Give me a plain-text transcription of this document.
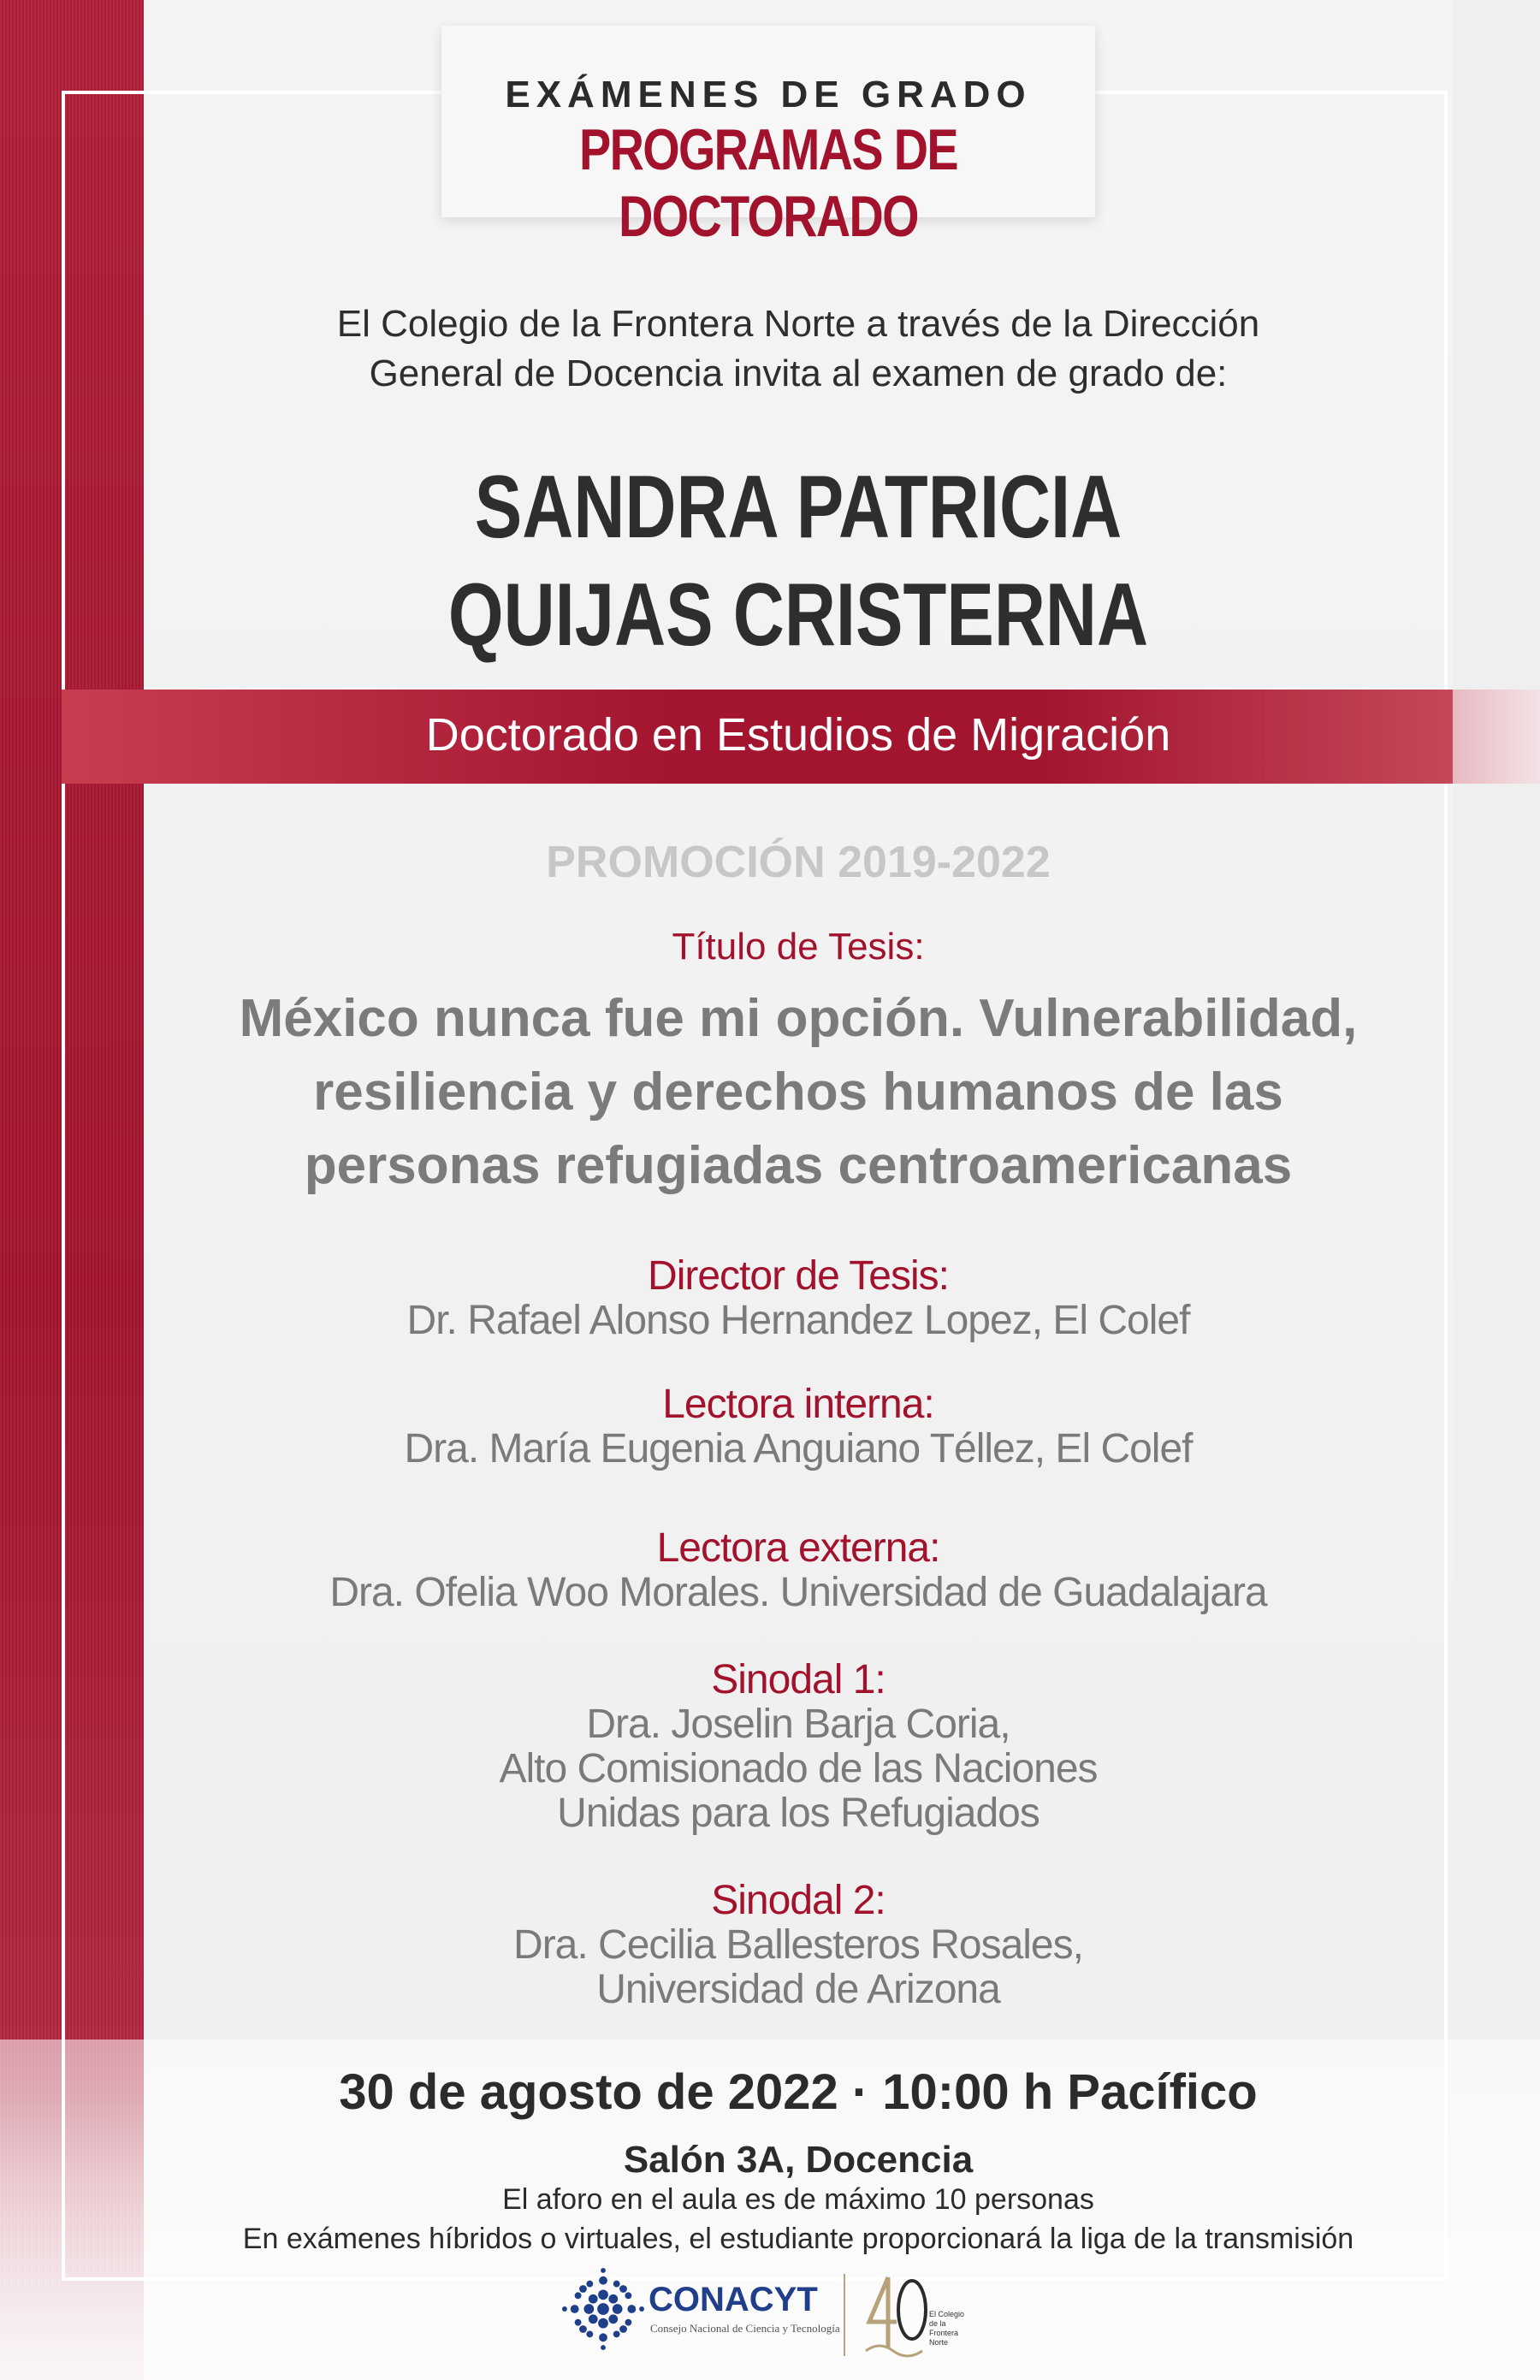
EXÁMENES DE GRADO
PROGRAMAS DE DOCTORADO
El Colegio de la Frontera Norte a través de la Dirección
General de Docencia invita al examen de grado de:
SANDRA PATRICIA
QUIJAS CRISTERNA
Doctorado en Estudios de Migración
PROMOCIÓN 2019-2022
Título de Tesis:
México nunca fue mi opción. Vulnerabilidad,
resiliencia y derechos humanos de las
personas refugiadas centroamericanas
Director de Tesis:
Dr. Rafael Alonso Hernandez Lopez, El Colef
Lectora interna:
Dra. María Eugenia Anguiano Téllez, El Colef
Lectora externa:
Dra. Ofelia Woo Morales. Universidad de Guadalajara
Sinodal 1:
Dra. Joselin Barja Coria,
Alto Comisionado de las Naciones
Unidas para los Refugiados
Sinodal 2:
Dra. Cecilia Ballesteros Rosales,
Universidad de Arizona
30 de agosto de 2022 · 10:00 h Pacífico
Salón 3A, Docencia
El aforo en el aula es de máximo 10 personas
En exámenes híbridos o virtuales, el estudiante proporcionará la liga de la transmisión
CONACYT
Consejo Nacional de Ciencia y Tecnología
El Colegio de la Frontera Norte
